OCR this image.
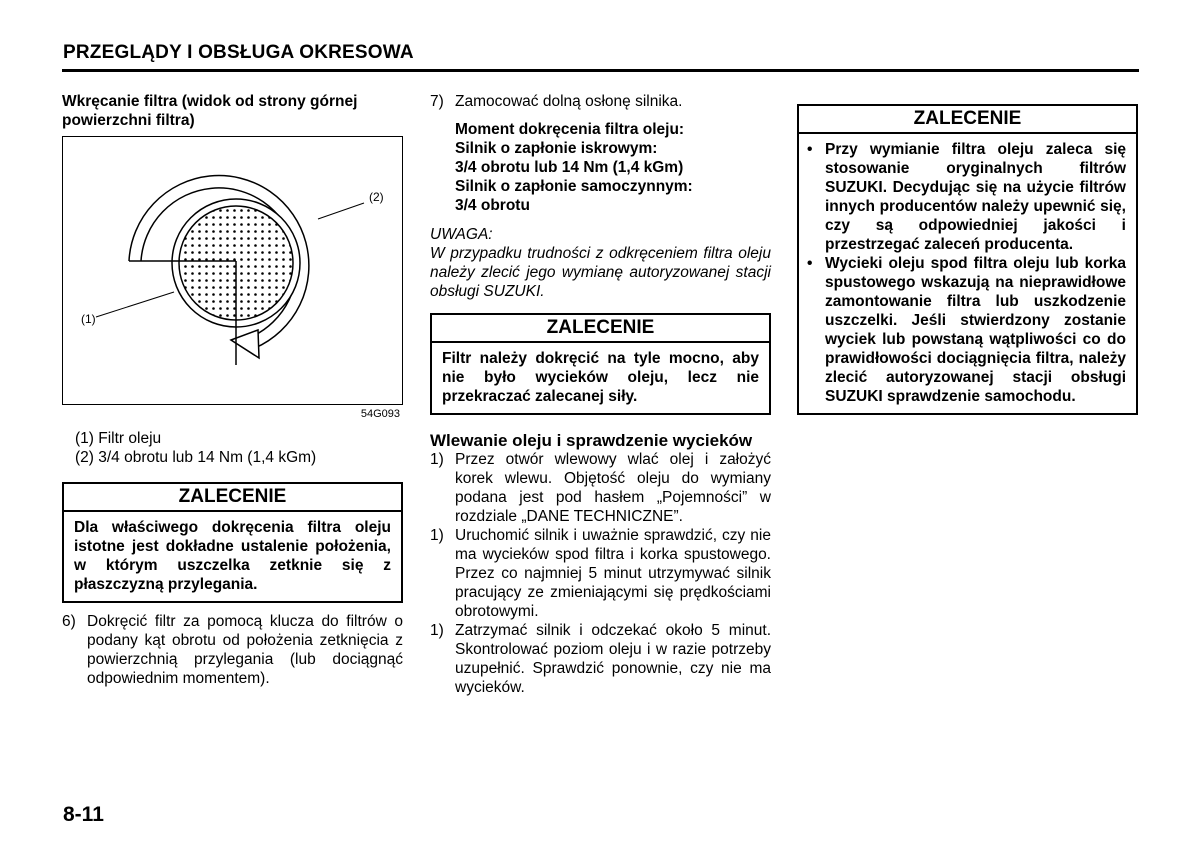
PRZEGLĄDY I OBSŁUGA OKRESOWA
Wkręcanie filtra (widok od strony górnej powierzchni filtra)
(2)
(1)
54G093
(1) Filtr oleju
(2) 3/4 obrotu lub 14 Nm (1,4 kGm)
ZALECENIE
Dla właściwego dokręcenia filtra oleju istotne jest dokładne ustalenie położenia, w którym uszczelka zetknie się z płaszczyzną przylegania.
6) Dokręcić filtr za pomocą klucza do filtrów o podany kąt obrotu od położenia zetknięcia z powierzchnią przylegania (lub dociągnąć odpowiednim momentem).
7) Zamocować dolną osłonę silnika.
Moment dokręcenia filtra oleju:
Silnik o zapłonie iskrowym:
3/4 obrotu lub 14 Nm (1,4 kGm)
Silnik o zapłonie samoczynnym:
3/4 obrotu
UWAGA:
W przypadku trudności z odkręceniem filtra oleju należy zlecić jego wymianę autoryzowanej stacji obsługi SUZUKI.
ZALECENIE
Filtr należy dokręcić na tyle mocno, aby nie było wycieków oleju, lecz nie przekraczać zalecanej siły.
Wlewanie oleju i sprawdzenie wycieków
1) Przez otwór wlewowy wlać olej i założyć korek wlewu. Objętość oleju do wymiany podana jest pod hasłem „Pojemności” w rozdziale „DANE TECHNICZNE”.
1) Uruchomić silnik i uważnie sprawdzić, czy nie ma wycieków spod filtra i korka spustowego. Przez co najmniej 5 minut utrzymywać silnik pracujący ze zmieniającymi się prędkościami obrotowymi.
1) Zatrzymać silnik i odczekać około 5 minut. Skontrolować poziom oleju i w razie potrzeby uzupełnić. Sprawdzić ponownie, czy nie ma wycieków.
ZALECENIE
• Przy wymianie filtra oleju zaleca się stosowanie oryginalnych filtrów SUZUKI. Decydując się na użycie filtrów innych producentów należy upewnić się, czy są odpowiedniej jakości i przestrzegać zaleceń producenta.
• Wycieki oleju spod filtra oleju lub korka spustowego wskazują na nieprawidłowe zamontowanie filtra lub uszkodzenie uszczelki. Jeśli stwierdzony zostanie wyciek lub powstaną wątpliwości co do prawidłowości dociągnięcia filtra, należy zlecić autoryzowanej stacji obsługi SUZUKI sprawdzenie samochodu.
8-11
